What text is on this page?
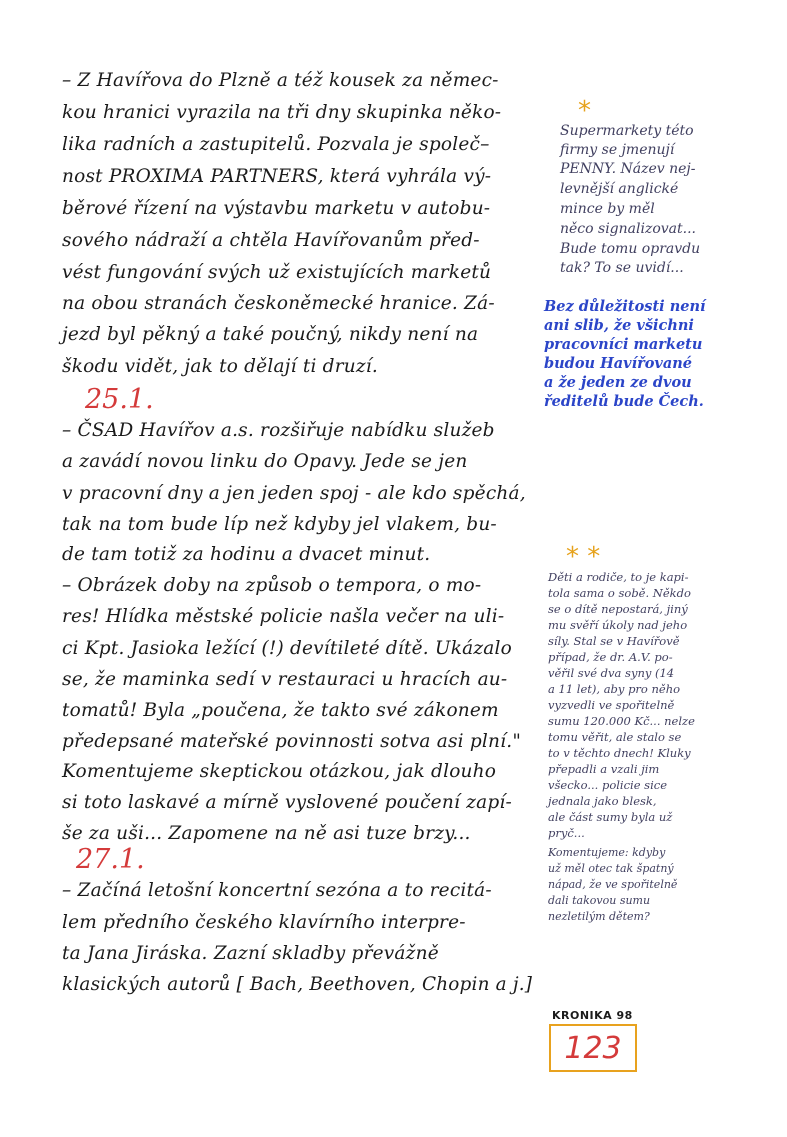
– Z Havířova do Plzně a též kousek za němec-
kou hranici vyrazila na tři dny skupinka něko-
lika radních a zastupitelů. Pozvala je společ–
nost PROXIMA PARTNERS, která vyhrála vý-
běrové řízení na výstavbu marketu v autobu-
sového nádraží a chtěla Havířovanům před-
vést fungování svých už existujících marketů
na obou stranách českoněmecké hranice. Zá-
jezd byl pěkný a také poučný, nikdy není na
škodu vidět, jak to dělají ti druzí.
25.1.
– ČSAD Havířov a.s. rozšiřuje nabídku služeb
a zavádí novou linku do Opavy. Jede se jen
v pracovní dny a jen jeden spoj - ale kdo spěchá,
tak na tom bude líp než kdyby jel vlakem, bu-
de tam totiž za hodinu a dvacet minut.
– Obrázek doby na způsob o tempora, o mo-
res! Hlídka městské policie našla večer na uli-
ci Kpt. Jasioka ležící (!) devítileté dítě. Ukázalo
se, že maminka sedí v restauraci u hracích au-
tomatů! Byla „poučena, že takto své zákonem
předepsané mateřské povinnosti sotva asi plní."
Komentujeme skeptickou otázkou, jak dlouho
si toto laskavé a mírně vyslovené poučení zapí-
še za uši... Zapomene na ně asi tuze brzy...
27.1.
– Začíná letošní koncertní sezóna a to recitá-
lem předního českého klavírního interpre-
ta Jana Jiráska. Zazní skladby převážně
klasických autorů [ Bach, Beethoven, Chopin a j.]
*
Supermarkety této
firmy se jmenují
PENNY. Název nej-
levnější anglické
mince by měl
něco signalizovat...
Bude tomu opravdu
tak? To se uvidí...
Bez důležitosti není
ani slib, že všichni
pracovníci marketu
budou Havířované
a že jeden ze dvou
ředitelů bude Čech.
* *
Děti a rodiče, to je kapi-
tola sama o sobě. Někdo
se o dítě nepostará, jiný
mu svěří úkoly nad jeho
síly. Stal se v Havířově
případ, že dr. A.V. po-
věřil své dva syny (14
a 11 let), aby pro něho
vyzvedli ve spořitelně
sumu 120.000 Kč... nelze
tomu věřit, ale stalo se
to v těchto dnech! Kluky
přepadli a vzali jim
všecko... policie sice
jednala jako blesk,
ale část sumy byla už
pryč...
Komentujeme: kdyby
už měl otec tak špatný
nápad, že ve spořitelně
dali takovou sumu
nezletilým dětem?
KRONIKA 98
123
